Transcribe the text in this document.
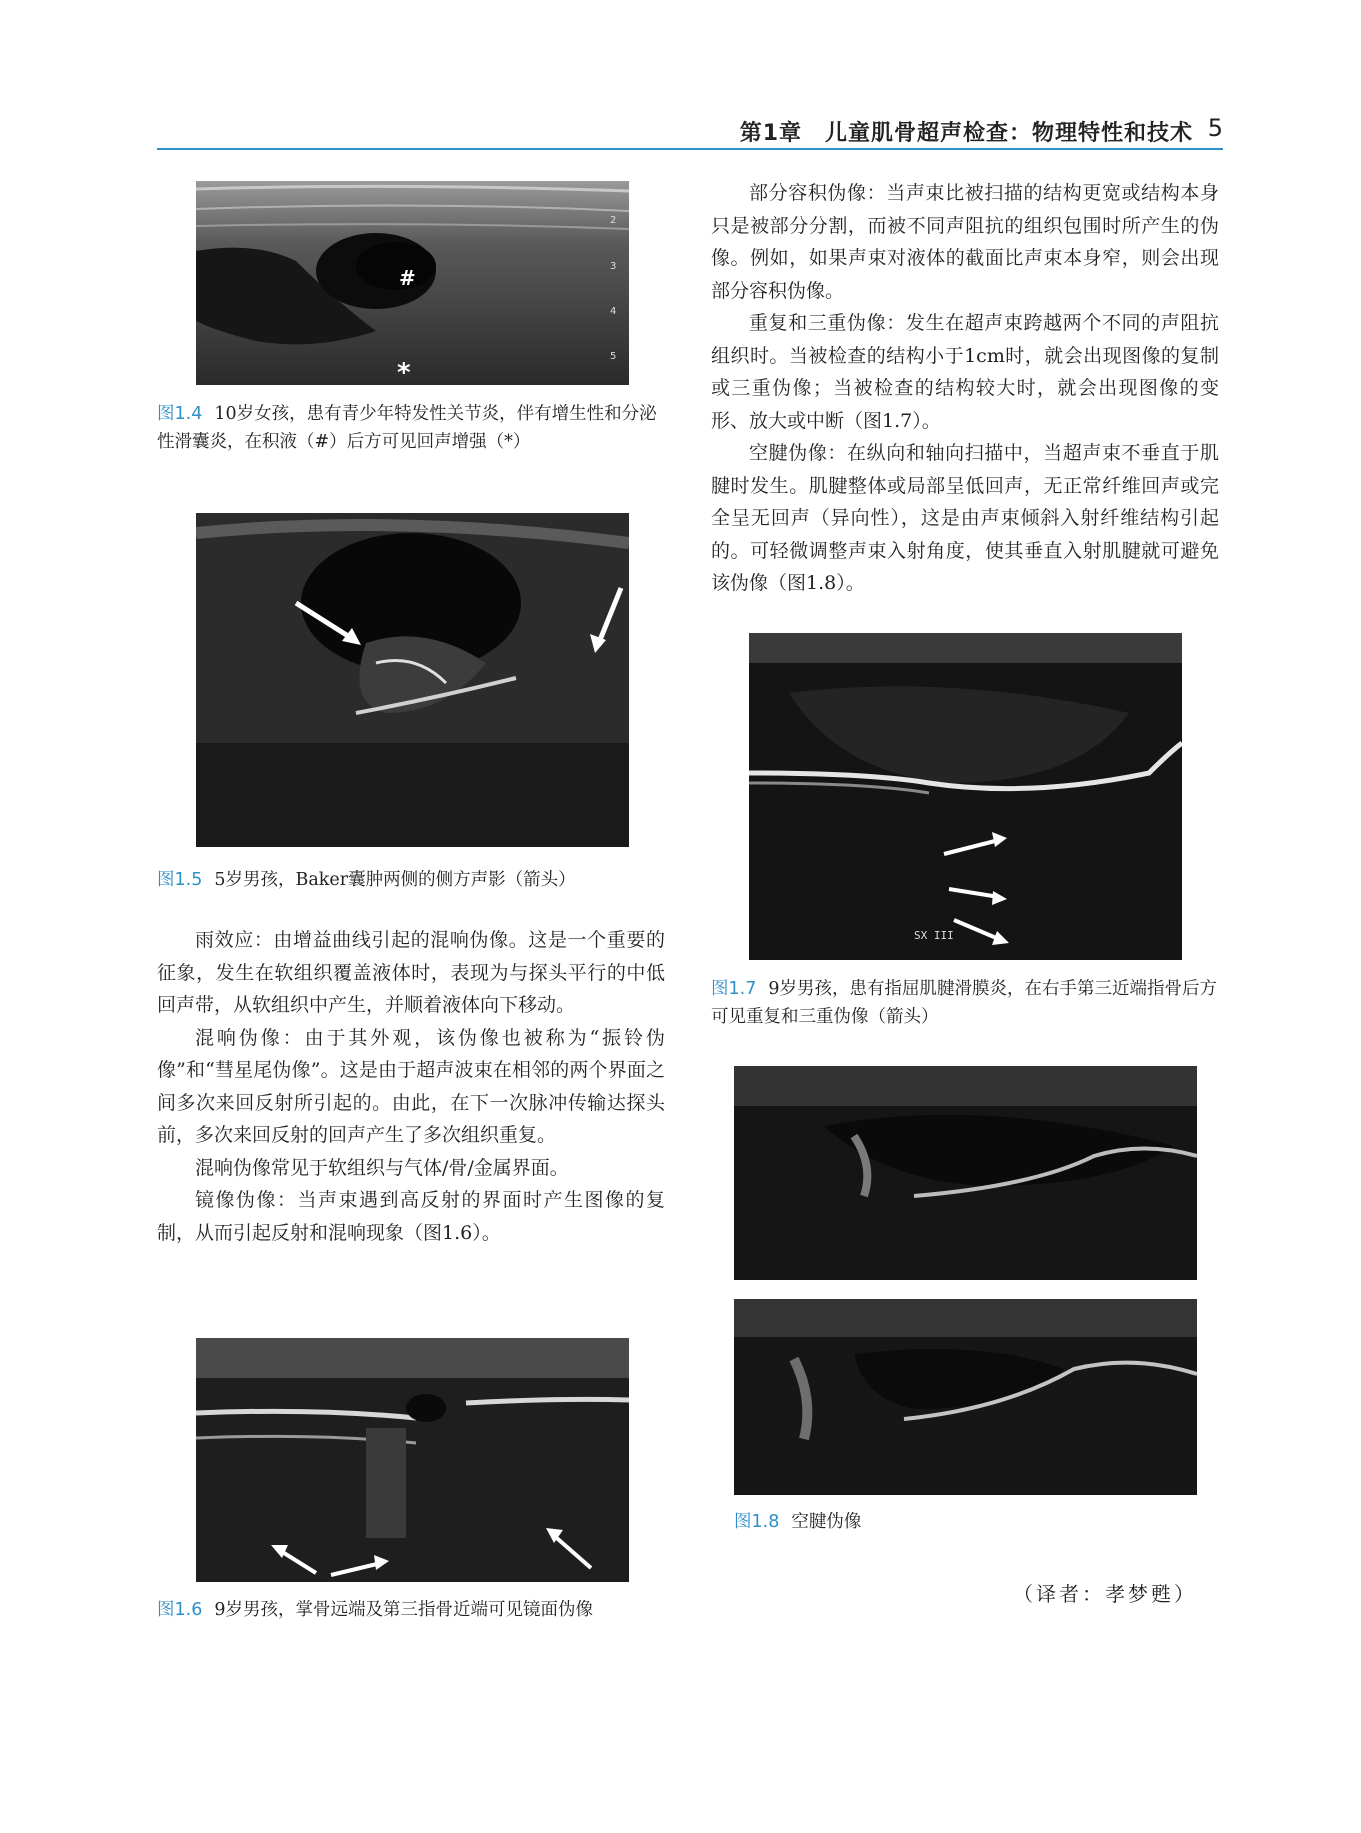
第1章　儿童肌骨超声检查：物理特性和技术 5
#
*
2
3
4
5
图1.4 10岁女孩，患有青少年特发性关节炎，伴有增生性和分泌性滑囊炎，在积液（#）后方可见回声增强（*）
图1.5 5岁男孩，Baker囊肿两侧的侧方声影（箭头）

雨效应：由增益曲线引起的混响伪像。这是一个重要的征象，发生在软组织覆盖液体时，表现为与探头平行的中低回声带，从软组织中产生，并顺着液体向下移动。

混响伪像：由于其外观，该伪像也被称为“振铃伪像”和“彗星尾伪像”。这是由于超声波束在相邻的两个界面之间多次来回反射所引起的。由此，在下一次脉冲传输达探头前，多次来回反射的回声产生了多次组织重复。

混响伪像常见于软组织与气体/骨/金属界面。

镜像伪像：当声束遇到高反射的界面时产生图像的复制，从而引起反射和混响现象（图1.6）。

图1.6 9岁男孩，掌骨远端及第三指骨近端可见镜面伪像

部分容积伪像：当声束比被扫描的结构更宽或结构本身只是被部分分割，而被不同声阻抗的组织包围时所产生的伪像。例如，如果声束对液体的截面比声束本身窄，则会出现部分容积伪像。

重复和三重伪像：发生在超声束跨越两个不同的声阻抗组织时。当被检查的结构小于1cm时，就会出现图像的复制或三重伪像；当被检查的结构较大时，就会出现图像的变形、放大或中断（图1.7）。

空腱伪像：在纵向和轴向扫描中，当超声束不垂直于肌腱时发生。肌腱整体或局部呈低回声，无正常纤维回声或完全呈无回声（异向性），这是由声束倾斜入射纤维结构引起的。可轻微调整声束入射角度，使其垂直入射肌腱就可避免该伪像（图1.8）。

SX III
图1.7 9岁男孩，患有指屈肌腱滑膜炎，在右手第三近端指骨后方可见重复和三重伪像（箭头）
图1.8 空腱伪像
（译者：孝梦甦）
